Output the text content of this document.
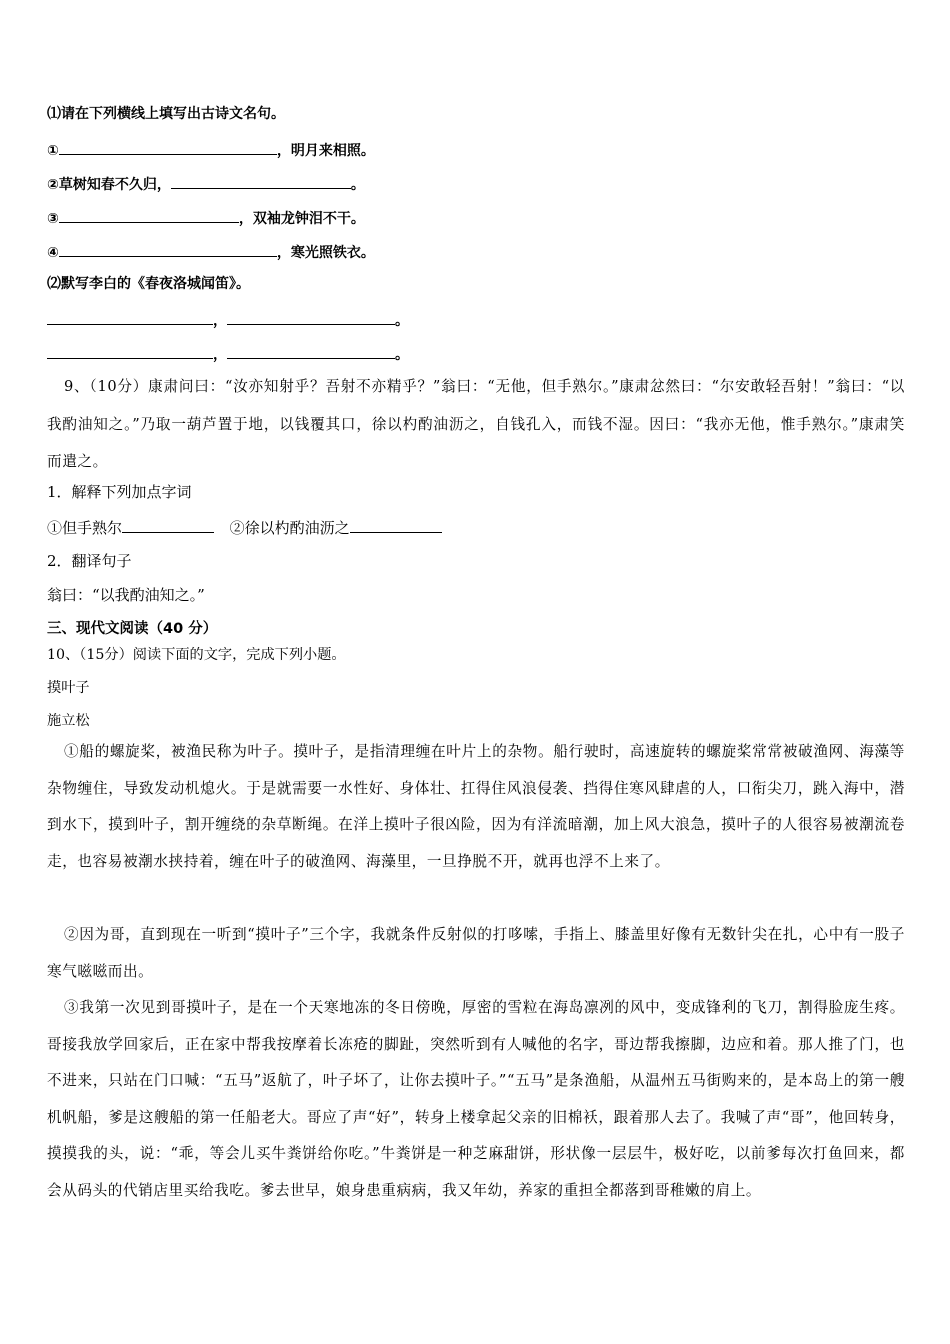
⑴请在下列横线上填写出古诗文名句。
①	，明月来相照。
②草树知春不久归，	。
③	，双袖龙钟泪不干。
④	，寒光照铁衣。
⑵默写李白的《春夜洛城闻笛》。
，	。
，	。
9、（10分）康肃问曰：“汝亦知射乎？吾射不亦精乎？”翁曰：“无他，但手熟尔。”康肃忿然曰：“尔安敢轻吾射！”翁曰：“以我酌油知之。”乃取一葫芦置于地，以钱覆其口，徐以杓酌油沥之，自钱孔入，而钱不湿。因曰：“我亦无他，惟手熟尔。”康肃笑而遣之。
1．解释下列加点字词
①但手熟尔	②徐以杓酌油沥之
2．翻译句子
翁曰：“以我酌油知之。”
三、现代文阅读（40 分）
10、（15分）阅读下面的文字，完成下列小题。
摸叶子
施立松
①船的螺旋桨，被渔民称为叶子。摸叶子，是指清理缠在叶片上的杂物。船行驶时，高速旋转的螺旋桨常常被破渔网、海藻等杂物缠住，导致发动机熄火。于是就需要一水性好、身体壮、扛得住风浪侵袭、挡得住寒风肆虐的人，口衔尖刀，跳入海中，潜到水下，摸到叶子，割开缠绕的杂草断绳。在洋上摸叶子很凶险，因为有洋流暗潮，加上风大浪急，摸叶子的人很容易被潮流卷走，也容易被潮水挟持着，缠在叶子的破渔网、海藻里，一旦挣脱不开，就再也浮不上来了。
②因为哥，直到现在一听到“摸叶子”三个字，我就条件反射似的打哆嗦，手指上、膝盖里好像有无数针尖在扎，心中有一股子寒气嗞嗞而出。
③我第一次见到哥摸叶子，是在一个天寒地冻的冬日傍晚，厚密的雪粒在海岛凛冽的风中，变成锋利的飞刀，割得脸庞生疼。哥接我放学回家后，正在家中帮我按摩着长冻疮的脚趾，突然听到有人喊他的名字，哥边帮我擦脚，边应和着。那人推了门，也不进来，只站在门口喊：“五马”返航了，叶子坏了，让你去摸叶子。”“五马”是条渔船，从温州五马街购来的，是本岛上的第一艘机帆船，爹是这艘船的第一任船老大。哥应了声“好”，转身上楼拿起父亲的旧棉袄，跟着那人去了。我喊了声“哥”，他回转身，摸摸我的头，说：“乖，等会儿买牛粪饼给你吃。”牛粪饼是一种芝麻甜饼，形状像一层层牛，极好吃，以前爹每次打鱼回来，都会从码头的代销店里买给我吃。爹去世早，娘身患重病病，我又年幼，养家的重担全都落到哥稚嫩的肩上。
